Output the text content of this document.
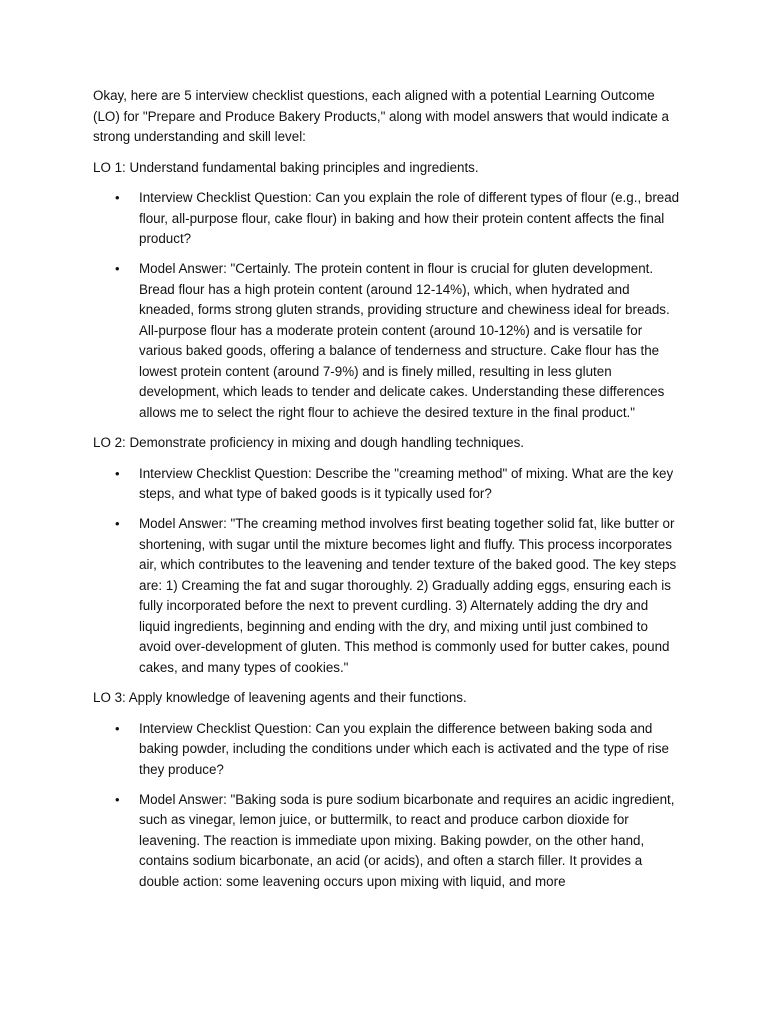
Okay, here are 5 interview checklist questions, each aligned with a potential Learning Outcome (LO) for "Prepare and Produce Bakery Products," along with model answers that would indicate a strong understanding and skill level:

LO 1: Understand fundamental baking principles and ingredients.

• Interview Checklist Question: Can you explain the role of different types of flour (e.g., bread flour, all-purpose flour, cake flour) in baking and how their protein content affects the final product?
• Model Answer: "Certainly. The protein content in flour is crucial for gluten development. Bread flour has a high protein content (around 12-14%), which, when hydrated and kneaded, forms strong gluten strands, providing structure and chewiness ideal for breads. All-purpose flour has a moderate protein content (around 10-12%) and is versatile for various baked goods, offering a balance of tenderness and structure. Cake flour has the lowest protein content (around 7-9%) and is finely milled, resulting in less gluten development, which leads to tender and delicate cakes. Understanding these differences allows me to select the right flour to achieve the desired texture in the final product."

LO 2: Demonstrate proficiency in mixing and dough handling techniques.

• Interview Checklist Question: Describe the "creaming method" of mixing. What are the key steps, and what type of baked goods is it typically used for?
• Model Answer: "The creaming method involves first beating together solid fat, like butter or shortening, with sugar until the mixture becomes light and fluffy. This process incorporates air, which contributes to the leavening and tender texture of the baked good. The key steps are: 1) Creaming the fat and sugar thoroughly. 2) Gradually adding eggs, ensuring each is fully incorporated before the next to prevent curdling. 3) Alternately adding the dry and liquid ingredients, beginning and ending with the dry, and mixing until just combined to avoid over-development of gluten. This method is commonly used for butter cakes, pound cakes, and many types of cookies."

LO 3: Apply knowledge of leavening agents and their functions.

• Interview Checklist Question: Can you explain the difference between baking soda and baking powder, including the conditions under which each is activated and the type of rise they produce?
• Model Answer: "Baking soda is pure sodium bicarbonate and requires an acidic ingredient, such as vinegar, lemon juice, or buttermilk, to react and produce carbon dioxide for leavening. The reaction is immediate upon mixing. Baking powder, on the other hand, contains sodium bicarbonate, an acid (or acids), and often a starch filler. It provides a double action: some leavening occurs upon mixing with liquid, and more
